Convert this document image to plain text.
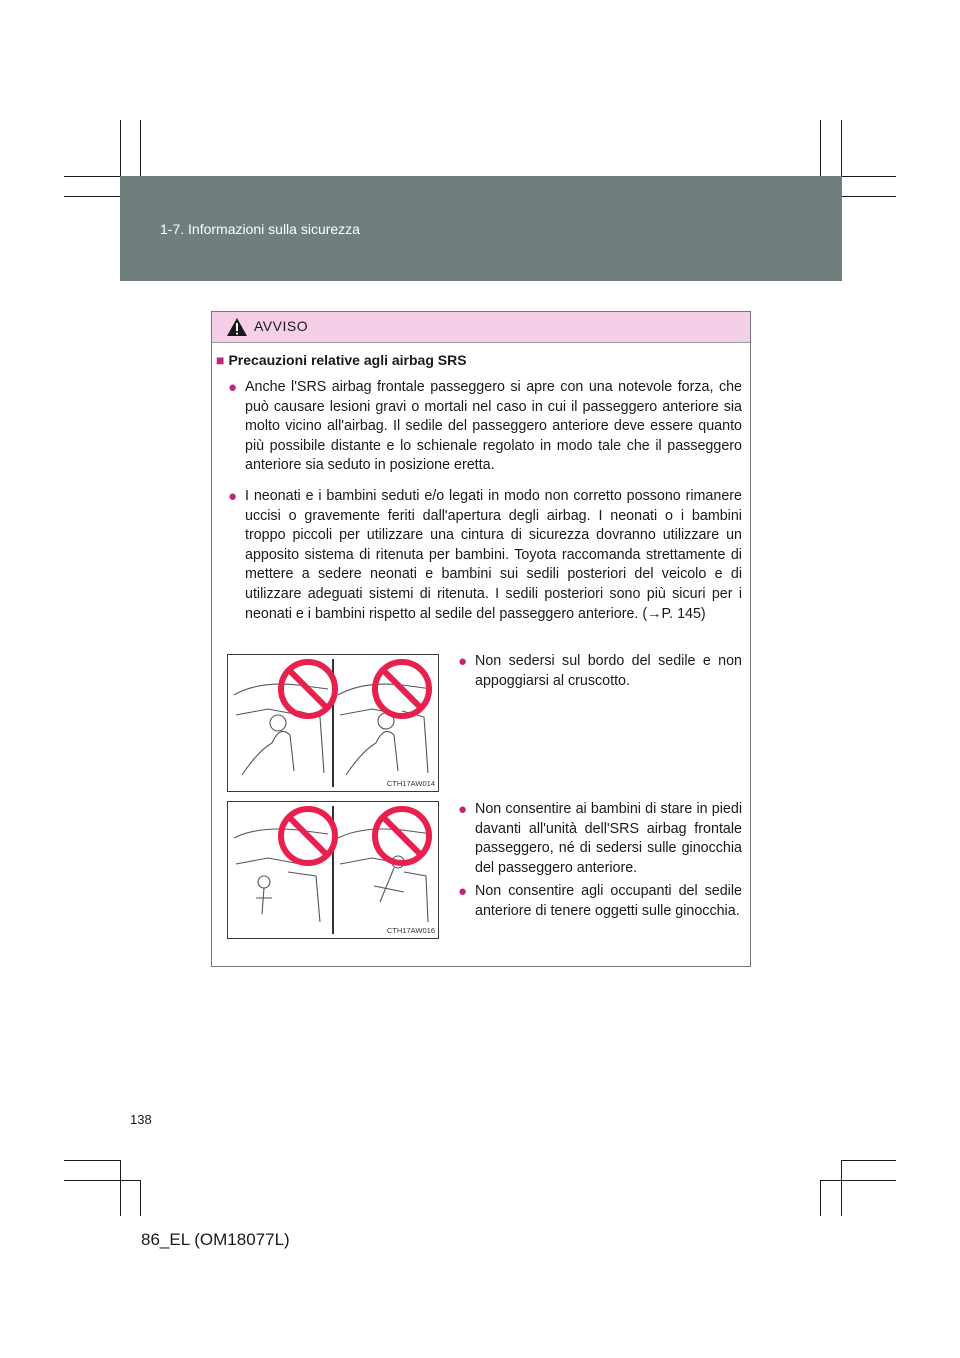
1-7. Informazioni sulla sicurezza
AVVISO
■ Precauzioni relative agli airbag SRS
● Anche l'SRS airbag frontale passeggero si apre con una notevole forza, che può causare lesioni gravi o mortali nel caso in cui il passeggero anteriore sia molto vicino all'airbag. Il sedile del passeggero anteriore deve essere quanto più possibile distante e lo schienale regolato in modo tale che il passeggero anteriore sia seduto in posizione eretta.
● I neonati e i bambini seduti e/o legati in modo non corretto possono rimanere uccisi o gravemente feriti dall'apertura degli airbag. I neonati o i bambini troppo piccoli per utilizzare una cintura di sicurezza dovranno utilizzare un apposito sistema di ritenuta per bambini. Toyota raccomanda strettamente di mettere a sedere neonati e bambini sui sedili posteriori del veicolo e di utilizzare adeguati sistemi di ritenuta. I sedili posteriori sono più sicuri per i neonati e i bambini rispetto al sedile del passeggero anteriore. (→P. 145)
CTH17AW014
● Non sedersi sul bordo del sedile e non appoggiarsi al cruscotto.
CTH17AW016
● Non consentire ai bambini di stare in piedi davanti all'unità dell'SRS airbag frontale passeggero, né di sedersi sulle ginocchia del passeggero anteriore.
● Non consentire agli occupanti del sedile anteriore di tenere oggetti sulle ginocchia.
138
86_EL (OM18077L)
